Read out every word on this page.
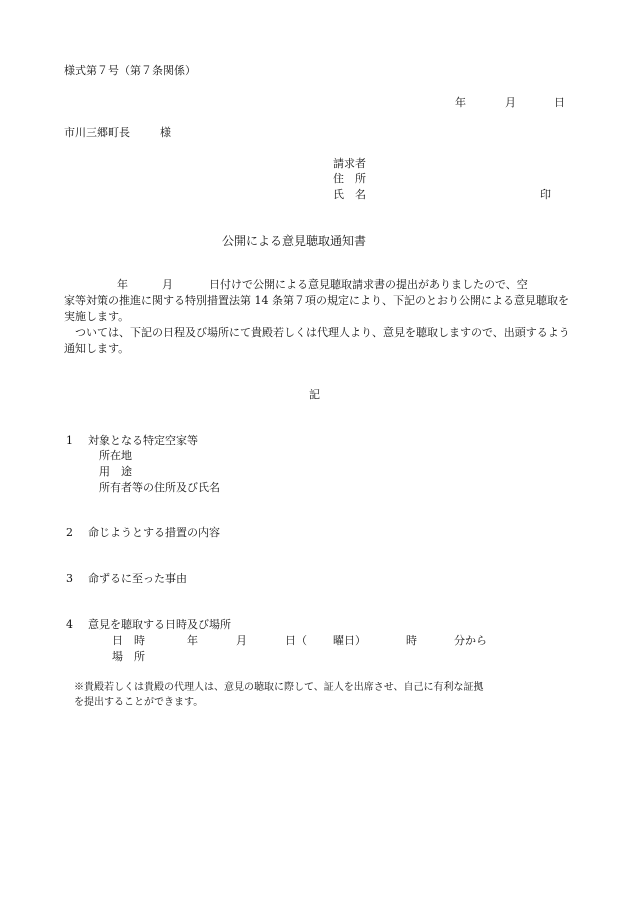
様式第７号（第７条関係）
年	月	日
市川三郷町長	様
請求者
住　所
氏　名	印
公開による意見聴取通知書
年	月	日付けで公開による意見聴取請求書の提出がありましたので、空
家等対策の推進に関する特別措置法第 14 条第７項の規定により、下記のとおり公開による意見聴取を実施します。
ついては、下記の日程及び場所にて貴殿若しくは代理人より、意見を聴取しますので、出頭するよう通知します。
記
1 対象となる特定空家等
所在地
用　途
所有者等の住所及び氏名
2 命じようとする措置の内容
3 命ずるに至った事由
4 意見を聴取する日時及び場所
日　時	年	月	日（ 曜日）	時	分から
場　所
※貴殿若しくは貴殿の代理人は、意見の聴取に際して、証人を出席させ、自己に有利な証拠
を提出することができます。
